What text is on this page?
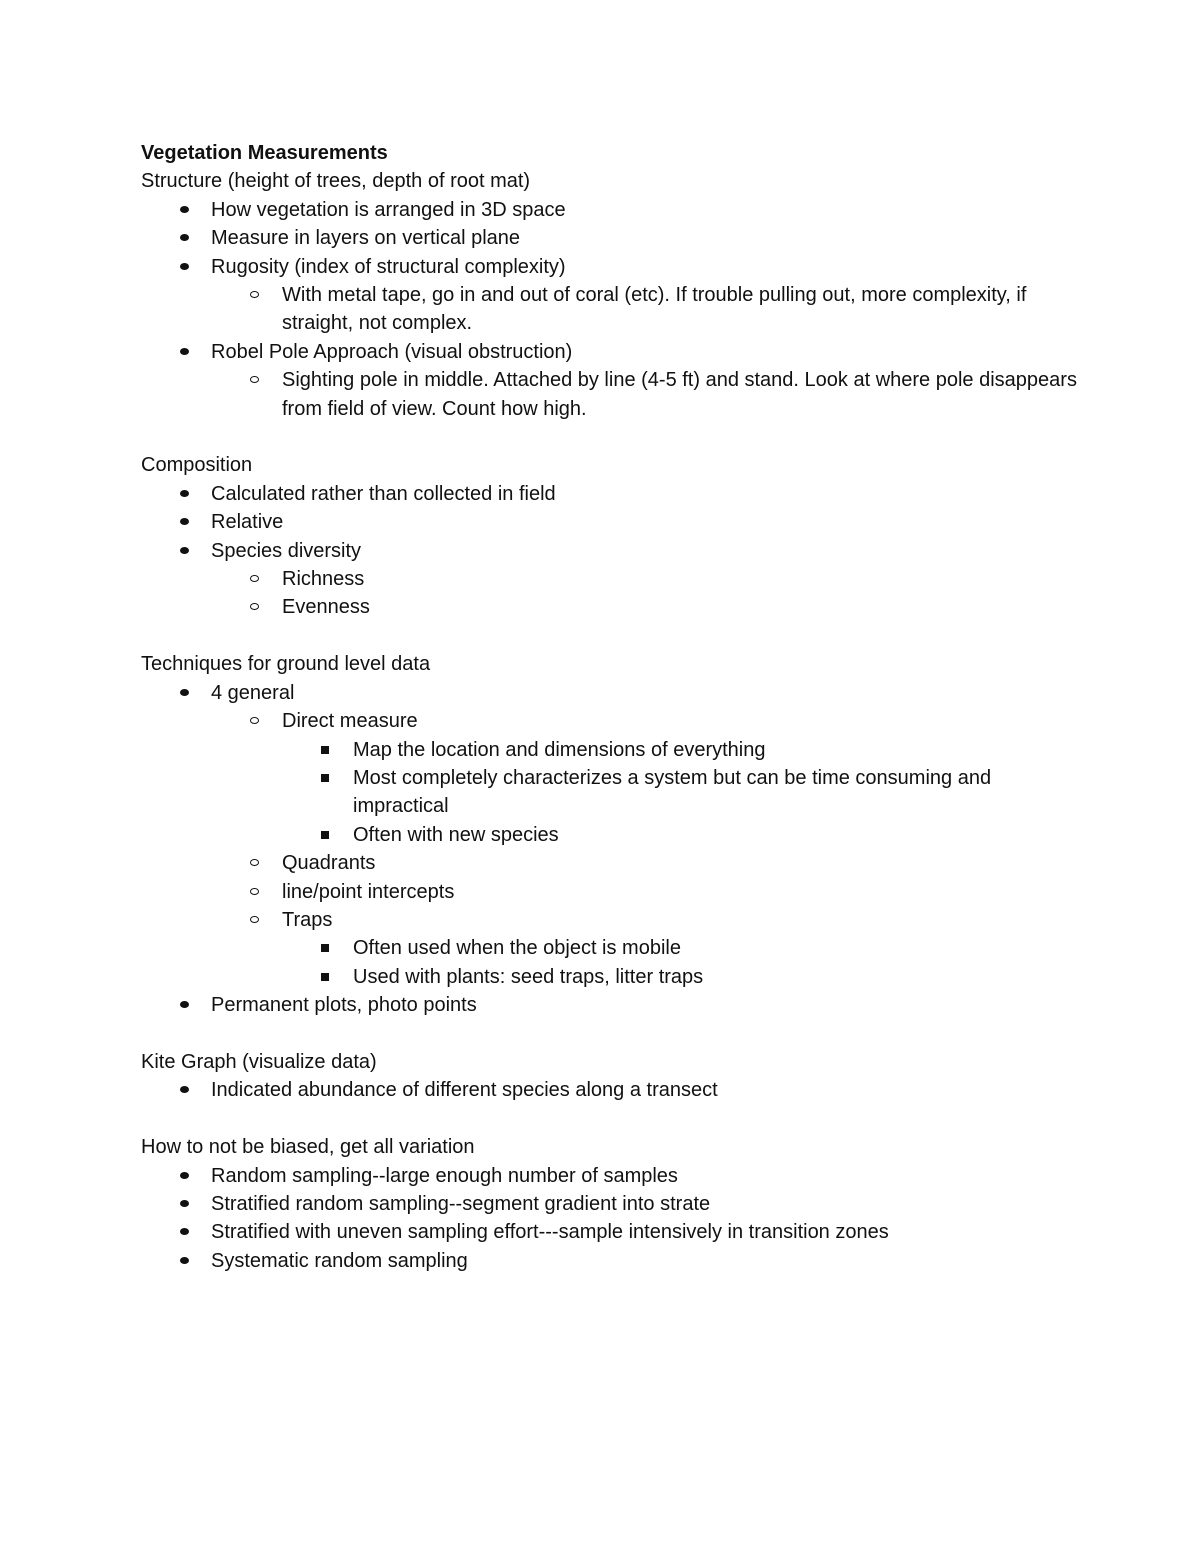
Vegetation Measurements
Structure (height of trees, depth of root mat)
How vegetation is arranged in 3D space
Measure in layers on vertical plane
Rugosity (index of structural complexity)
With metal tape, go in and out of coral (etc). If trouble pulling out, more complexity, if straight, not complex.
Robel Pole Approach (visual obstruction)
Sighting pole in middle. Attached by line (4-5 ft) and stand. Look at where pole disappears from field of view. Count how high.
Composition
Calculated rather than collected in field
Relative
Species diversity
Richness
Evenness
Techniques for ground level data
4 general
Direct measure
Map the location and dimensions of everything
Most completely characterizes a system but can be time consuming and impractical
Often with new species
Quadrants
line/point intercepts
Traps
Often used when the object is mobile
Used with plants: seed traps, litter traps
Permanent plots, photo points
Kite Graph (visualize data)
Indicated abundance of different species along a transect
How to not be biased, get all variation
Random sampling--large enough number of samples
Stratified random sampling--segment gradient into strate
Stratified with uneven sampling effort---sample intensively in transition zones
Systematic random sampling
